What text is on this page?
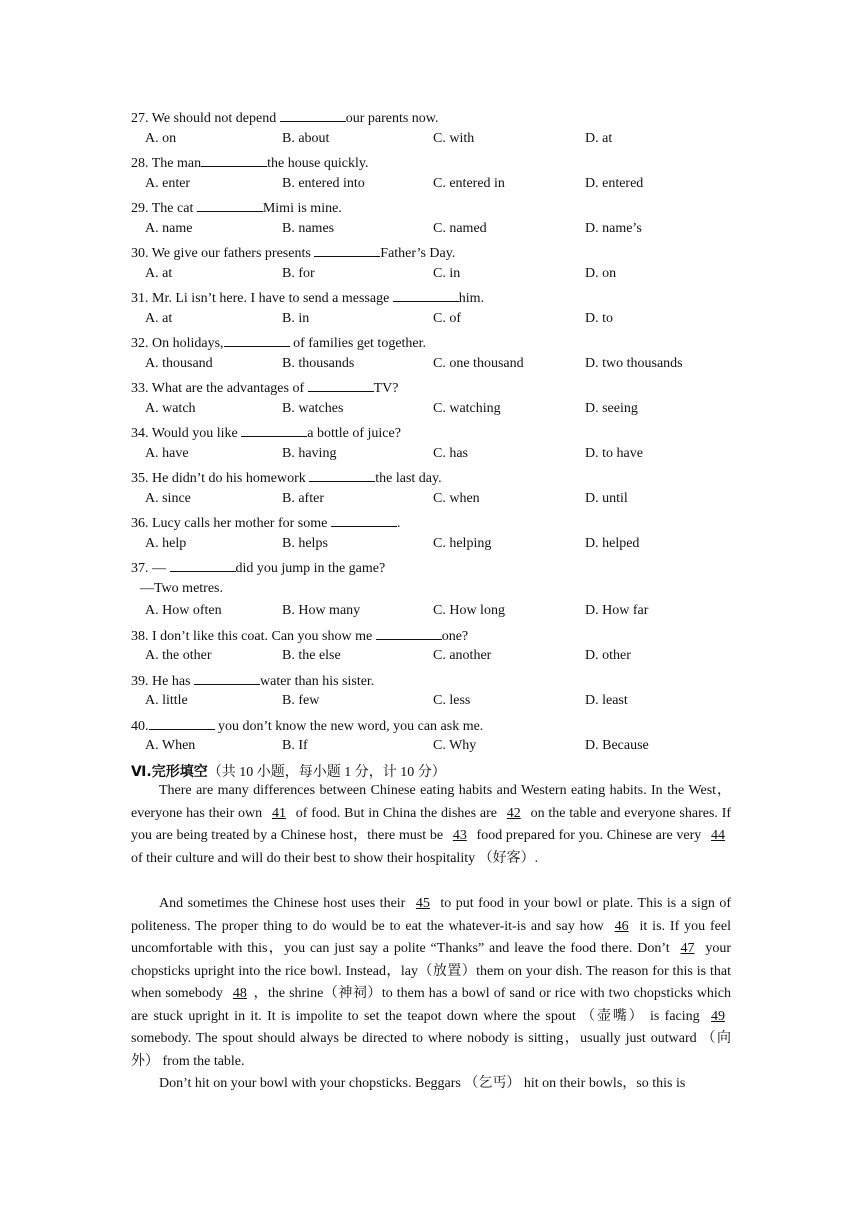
27. We should not depend	our parents now.
A. on	B. about	C. with	D. at
28. The man	the house quickly.
A. enter	B. entered into	C. entered in	D. entered
29. The cat	Mimi is mine.
A. name	B. names	C. named	D. name’s
30. We give our fathers presents	Father’s Day.
A. at	B. for	C. in	D. on
31. Mr. Li isn’t here. I have to send a message	him.
A. at	B. in	C. of	D. to
32. On holidays,	of families get together.
A. thousand	B. thousands	C. one thousand	D. two thousands
33. What are the advantages of	TV?
A. watch	B. watches	C. watching	D. seeing
34. Would you like	a bottle of juice?
A. have	B. having	C. has	D. to have
35. He didn’t do his homework	the last day.
A. since	B. after	C. when	D. until
36. Lucy calls her mother for some	.
A. help	B. helps	C. helping	D. helped
37. —	did you jump in the game?
—Two metres.
A. How often	B. How many	C. How long	D. How far
38. I don’t like this coat. Can you show me	one?
A. the other	B. the else	C. another	D. other
39. He has	water than his sister.
A. little	B. few	C. less	D. least
40.	you don’t know the new word, you can ask me.
A. When	B. If	C. Why	D. Because
Ⅵ.完形填空（共 10 小题，每小题 1 分，计 10 分）
There are many differences between Chinese eating habits and Western eating habits. In the West，everyone has their own 41 of food. But in China the dishes are 42 on the table and everyone shares. If you are being treated by a Chinese host，there must be 43 food prepared for you. Chinese are very 44 of their culture and will do their best to show their hospitality （好客）.
And sometimes the Chinese host uses their 45 to put food in your bowl or plate. This is a sign of politeness. The proper thing to do would be to eat the whatever-it-is and say how 46 it is. If you feel uncomfortable with this，you can just say a polite “Thanks” and leave the food there. Don’t 47 your chopsticks upright into the rice bowl. Instead，lay（放置）them on your dish. The reason for this is that when somebody 48 ，the shrine（神祠）to them has a bowl of sand or rice with two chopsticks which are stuck upright in it. It is impolite to set the teapot down where the spout （壶嘴） is facing 49 somebody. The spout should always be directed to where nobody is sitting，usually just outward （向外） from the table.
Don’t hit on your bowl with your chopsticks. Beggars （乞丐） hit on their bowls，so this is
